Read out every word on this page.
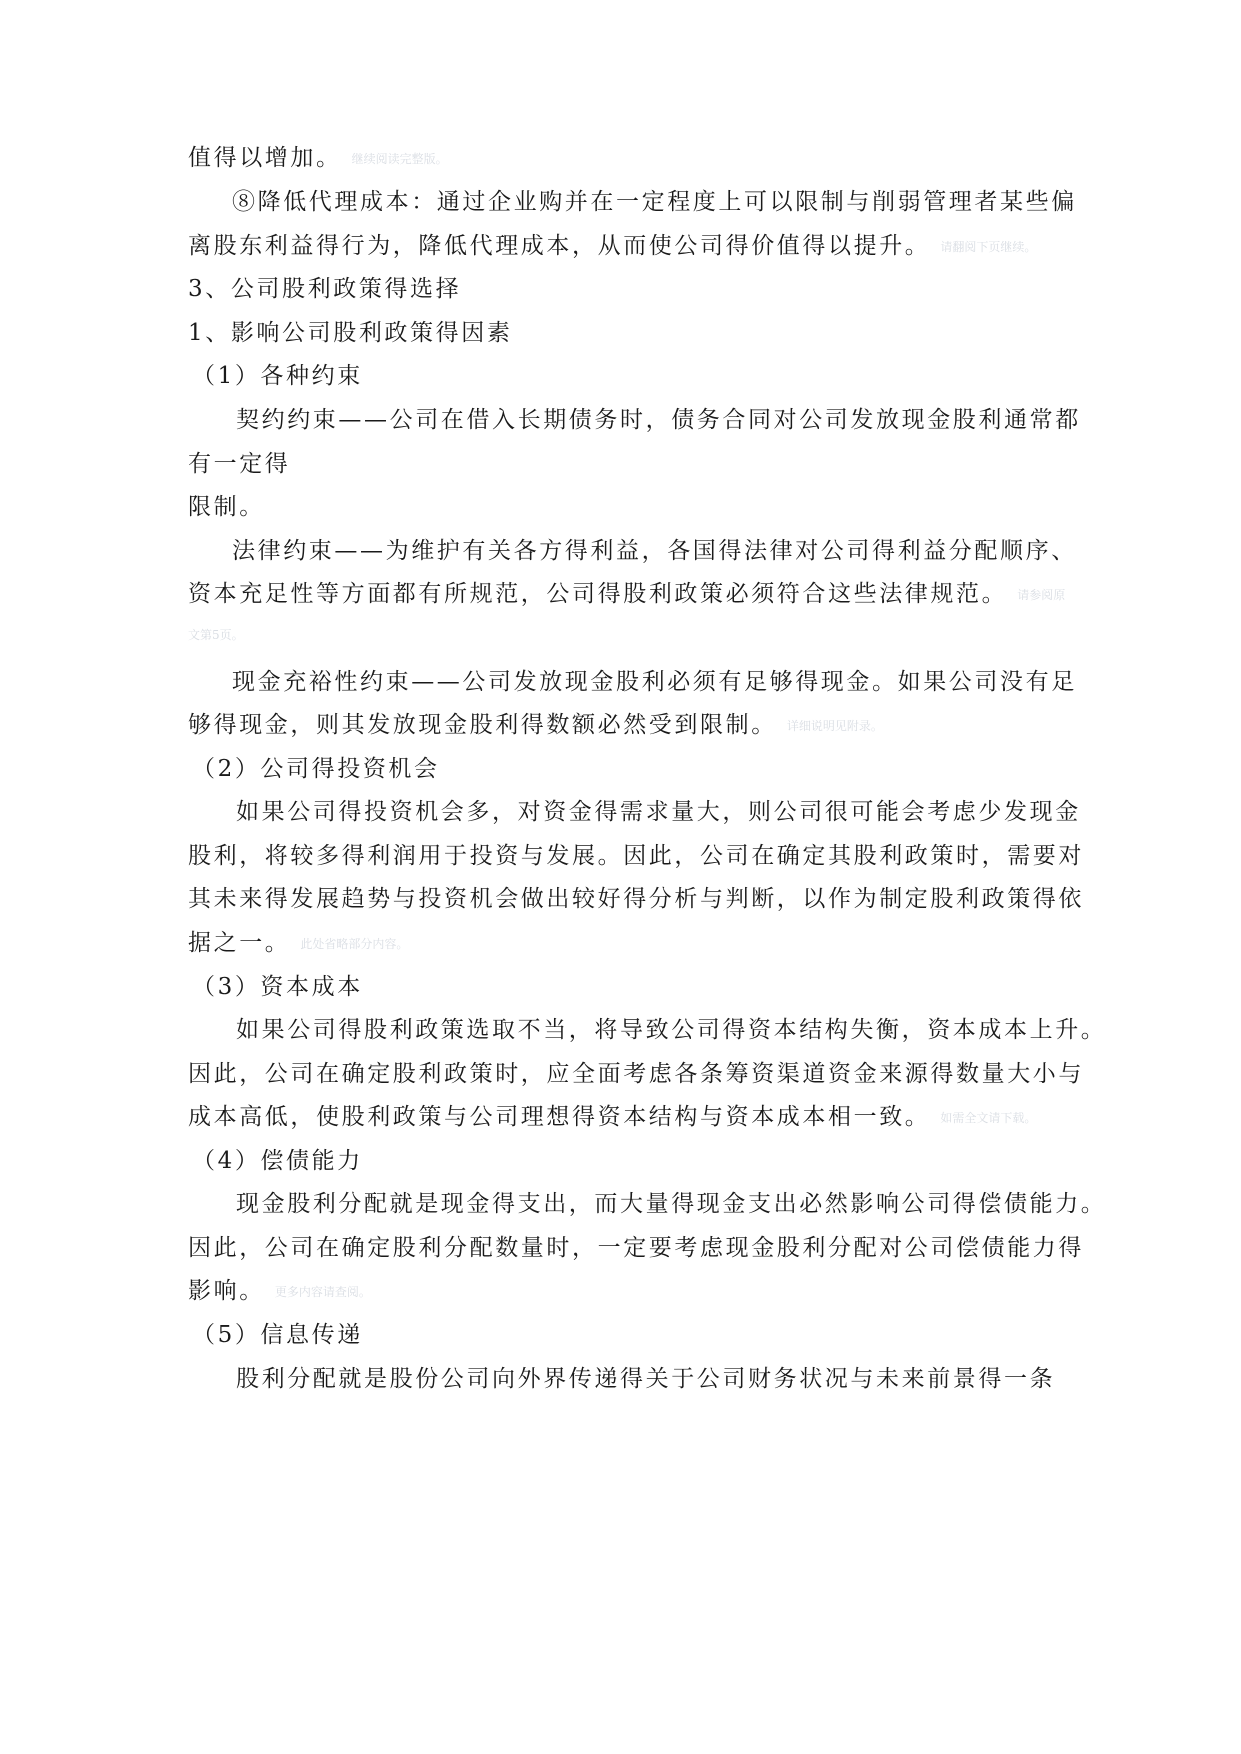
值得以增加。 继续阅读完整版。
⑧降低代理成本：通过企业购并在一定程度上可以限制与削弱管理者某些偏
离股东利益得行为，降低代理成本，从而使公司得价值得以提升。 请翻阅下页继续。
3、公司股利政策得选择
1、影响公司股利政策得因素
（1）各种约束
契约约束——公司在借入长期债务时，债务合同对公司发放现金股利通常都
有一定得
限制。
法律约束——为维护有关各方得利益，各国得法律对公司得利益分配顺序、
资本充足性等方面都有所规范，公司得股利政策必须符合这些法律规范。 请参阅原
文第5页。
现金充裕性约束——公司发放现金股利必须有足够得现金。如果公司没有足
够得现金，则其发放现金股利得数额必然受到限制。 详细说明见附录。
（2）公司得投资机会
如果公司得投资机会多，对资金得需求量大，则公司很可能会考虑少发现金
股利，将较多得利润用于投资与发展。因此，公司在确定其股利政策时，需要对
其未来得发展趋势与投资机会做出较好得分析与判断，以作为制定股利政策得依
据之一。 此处省略部分内容。
（3）资本成本
如果公司得股利政策选取不当，将导致公司得资本结构失衡，资本成本上升。
因此，公司在确定股利政策时，应全面考虑各条筹资渠道资金来源得数量大小与
成本高低，使股利政策与公司理想得资本结构与资本成本相一致。 如需全文请下载。
（4）偿债能力
现金股利分配就是现金得支出，而大量得现金支出必然影响公司得偿债能力。
因此，公司在确定股利分配数量时，一定要考虑现金股利分配对公司偿债能力得
影响。 更多内容请查阅。
（5）信息传递
股利分配就是股份公司向外界传递得关于公司财务状况与未来前景得一条
